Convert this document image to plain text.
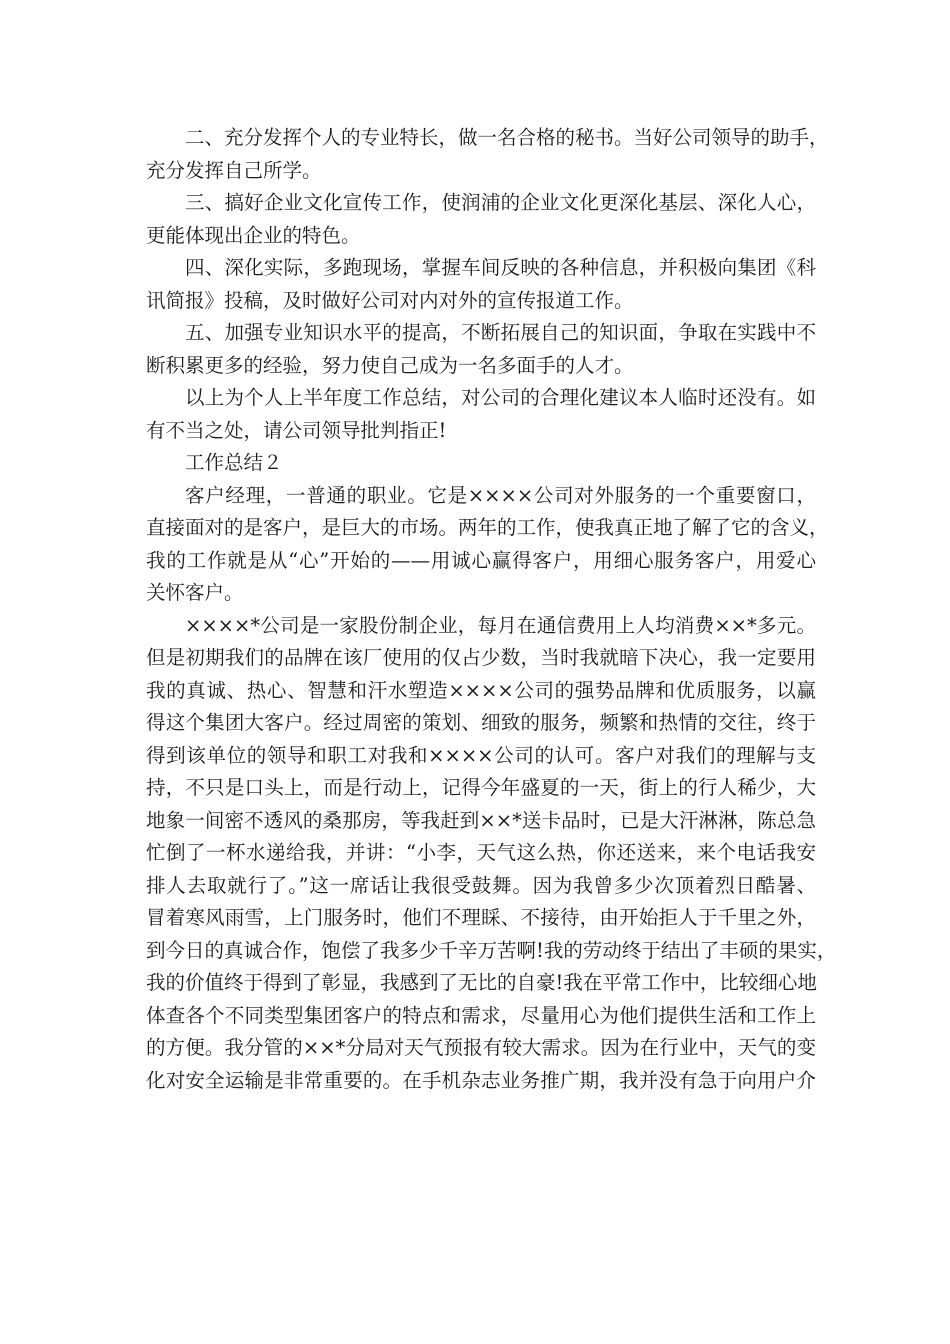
二、充分发挥个人的专业特长，做一名合格的秘书。当好公司领导的助手，
充分发挥自己所学。
三、搞好企业文化宣传工作，使润浦的企业文化更深化基层、深化人心，
更能体现出企业的特色。
四、深化实际，多跑现场，掌握车间反映的各种信息，并积极向集团《科
讯简报》投稿，及时做好公司对内对外的宣传报道工作。
五、加强专业知识水平的提高，不断拓展自己的知识面，争取在实践中不
断积累更多的经验，努力使自己成为一名多面手的人才。
以上为个人上半年度工作总结，对公司的合理化建议本人临时还没有。如
有不当之处，请公司领导批判指正!
工作总结２
客户经理，一普通的职业。它是××××公司对外服务的一个重要窗口，
直接面对的是客户，是巨大的市场。两年的工作，使我真正地了解了它的含义，
我的工作就是从“心”开始的——用诚心赢得客户，用细心服务客户，用爱心
关怀客户。
××××*公司是一家股份制企业，每月在通信费用上人均消费××*多元。
但是初期我们的品牌在该厂使用的仅占少数，当时我就暗下决心，我一定要用
我的真诚、热心、智慧和汗水塑造××××公司的强势品牌和优质服务，以赢
得这个集团大客户。经过周密的策划、细致的服务，频繁和热情的交往，终于
得到该单位的领导和职工对我和××××公司的认可。客户对我们的理解与支
持，不只是口头上，而是行动上，记得今年盛夏的一天，街上的行人稀少，大
地象一间密不透风的桑那房，等我赶到××*送卡品时，已是大汗淋淋，陈总急
忙倒了一杯水递给我，并讲：“小李，天气这么热，你还送来，来个电话我安
排人去取就行了。”这一席话让我很受鼓舞。因为我曾多少次顶着烈日酷暑、
冒着寒风雨雪，上门服务时，他们不理睬、不接待，由开始拒人于千里之外，
到今日的真诚合作，饱偿了我多少千辛万苦啊!我的劳动终于结出了丰硕的果实，
我的价值终于得到了彰显，我感到了无比的自豪!我在平常工作中，比较细心地
体查各个不同类型集团客户的特点和需求，尽量用心为他们提供生活和工作上
的方便。我分管的××*分局对天气预报有较大需求。因为在行业中，天气的变
化对安全运输是非常重要的。在手机杂志业务推广期，我并没有急于向用户介
